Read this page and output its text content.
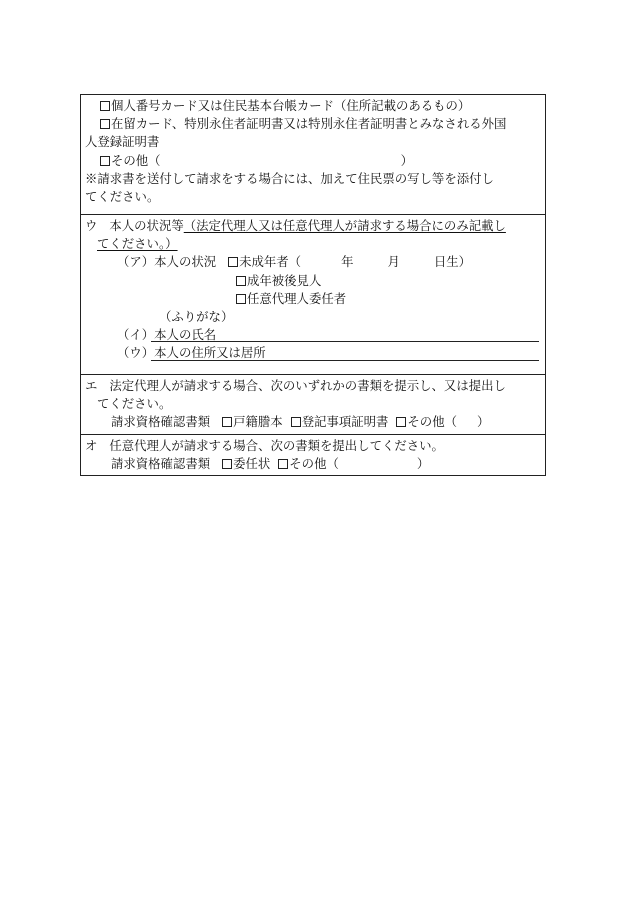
個人番号カード又は住民基本台帳カード（住所記載のあるもの）
在留カード、特別永住者証明書又は特別永住者証明書とみなされる外国
人登録証明書
その他（	）
※請求書を送付して請求をする場合には、加えて住民票の写し等を添付し
てください。
ウ 本人の状況等（法定代理人又は任意代理人が請求する場合にのみ記載し
てください。）
（ア）本人の状況 未成年者（	年	月	日生）
成年被後見人
任意代理人委任者
（ふりがな）
（イ）本人の氏名
（ウ）本人の住所又は居所
エ 法定代理人が請求する場合、次のいずれかの書類を提示し、又は提出し
てください。
請求資格確認書類 戸籍謄本 登記事項証明書 その他（ ）
オ 任意代理人が請求する場合、次の書類を提出してください。
請求資格確認書類 委任状 その他（	）
